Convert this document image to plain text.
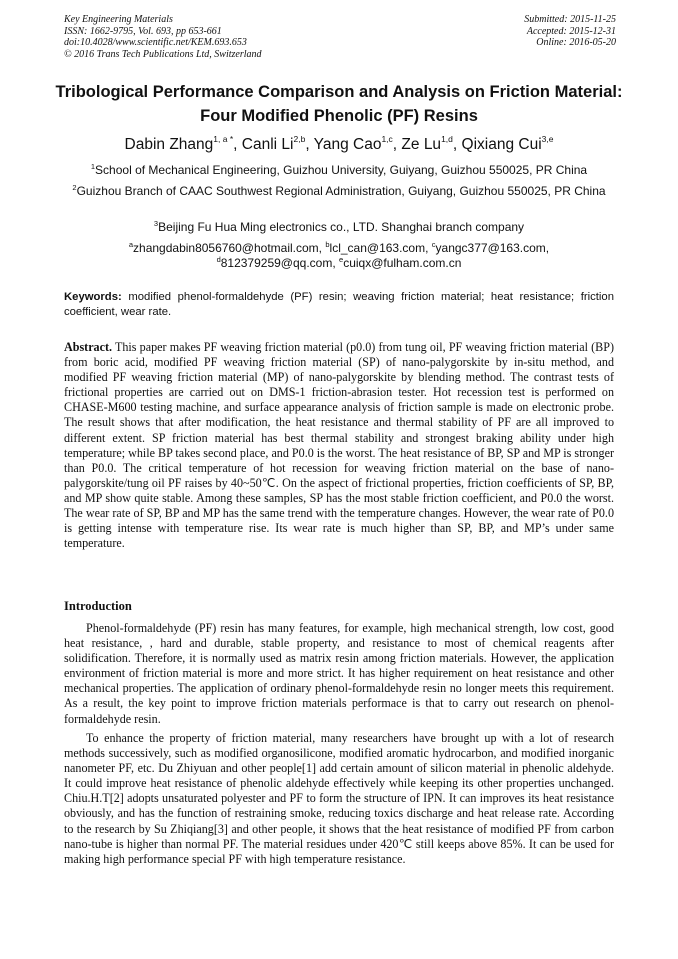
Key Engineering Materials
ISSN: 1662-9795, Vol. 693, pp 653-661
doi:10.4028/www.scientific.net/KEM.693.653
© 2016 Trans Tech Publications Ltd, Switzerland
Submitted: 2015-11-25
Accepted: 2015-12-31
Online: 2016-05-20
Tribological Performance Comparison and Analysis on Friction Material:
Four Modified Phenolic (PF) Resins
Dabin Zhang$^{1, a *}$, Canli Li$^{2,b}$, Yang Cao$^{1,c}$, Ze Lu$^{1,d}$, Qixiang Cui$^{3,e}$
$^1$School of Mechanical Engineering, Guizhou University, Guiyang, Guizhou 550025, PR China
$^2$Guizhou Branch of CAAC Southwest Regional Administration, Guiyang, Guizhou 550025, PR China
$^3$Beijing Fu Hua Ming electronics co., LTD. Shanghai branch company
$^a$zhangdabin8056760@hotmail.com, $^b$lcl_can@163.com, $^c$yangc377@163.com,
$^d$812379259@qq.com, $^e$cuiqx@fulham.com.cn
Keywords: modified phenol-formaldehyde (PF) resin; weaving friction material; heat resistance; friction coefficient, wear rate.

Abstract. This paper makes PF weaving friction material (p0.0) from tung oil, PF weaving friction material (BP) from boric acid, modified PF weaving friction material (SP) of nano-palygorskite by in-situ method, and modified PF weaving friction material (MP) of nano-palygorskite by blending method. The contrast tests of frictional properties are carried out on DMS-1 friction-abrasion tester. Hot recession test is performed on CHASE-M600 testing machine, and surface appearance analysis of friction sample is made on electronic probe. The result shows that after modification, the heat resistance and thermal stability of PF are all improved to different extent. SP friction material has best thermal stability and strongest braking ability under high temperature; while BP takes second place, and P0.0 is the worst. The heat resistance of BP, SP and MP is stronger than P0.0. The critical temperature of hot recession for weaving friction material on the base of nano-palygorskite/tung oil PF raises by 40~50℃. On the aspect of frictional properties, friction coefficients of SP, BP, and MP show quite stable. Among these samples, SP has the most stable friction coefficient, and P0.0 the worst. The wear rate of SP, BP and MP has the same trend with the temperature changes. However, the wear rate of P0.0 is getting intense with temperature rise. Its wear rate is much higher than SP, BP, and MP’s under same temperature.

Introduction

Phenol-formaldehyde (PF) resin has many features, for example, high mechanical strength, low cost, good heat resistance, , hard and durable, stable property, and resistance to most of chemical reagents after solidification. Therefore, it is normally used as matrix resin among friction materials. However, the application environment of friction material is more and more strict. It has higher requirement on heat resistance and other mechanical properties. The application of ordinary phenol-formaldehyde resin no longer meets this requirement. As a result, the key point to improve friction materials performace is that to carry out research on phenol-formaldehyde resin.

To enhance the property of friction material, many researchers have brought up with a lot of research methods successively, such as modified organosilicone, modified aromatic hydrocarbon, and modified inorganic nanometer PF, etc. Du Zhiyuan and other people[1] add certain amount of silicon material in phenolic aldehyde. It could improve heat resistance of phenolic aldehyde effectively while keeping its other properties unchanged. Chiu.H.T[2] adopts unsaturated polyester and PF to form the structure of IPN. It can improves its heat resistance obviously, and has the function of restraining smoke, reducing toxics discharge and heat release rate. According to the research by Su Zhiqiang[3] and other people, it shows that the heat resistance of modified PF from carbon nano-tube is higher than normal PF. The material residues under 420℃ still keeps above 85%. It can be used for making high performance special PF with high temperature resistance.
